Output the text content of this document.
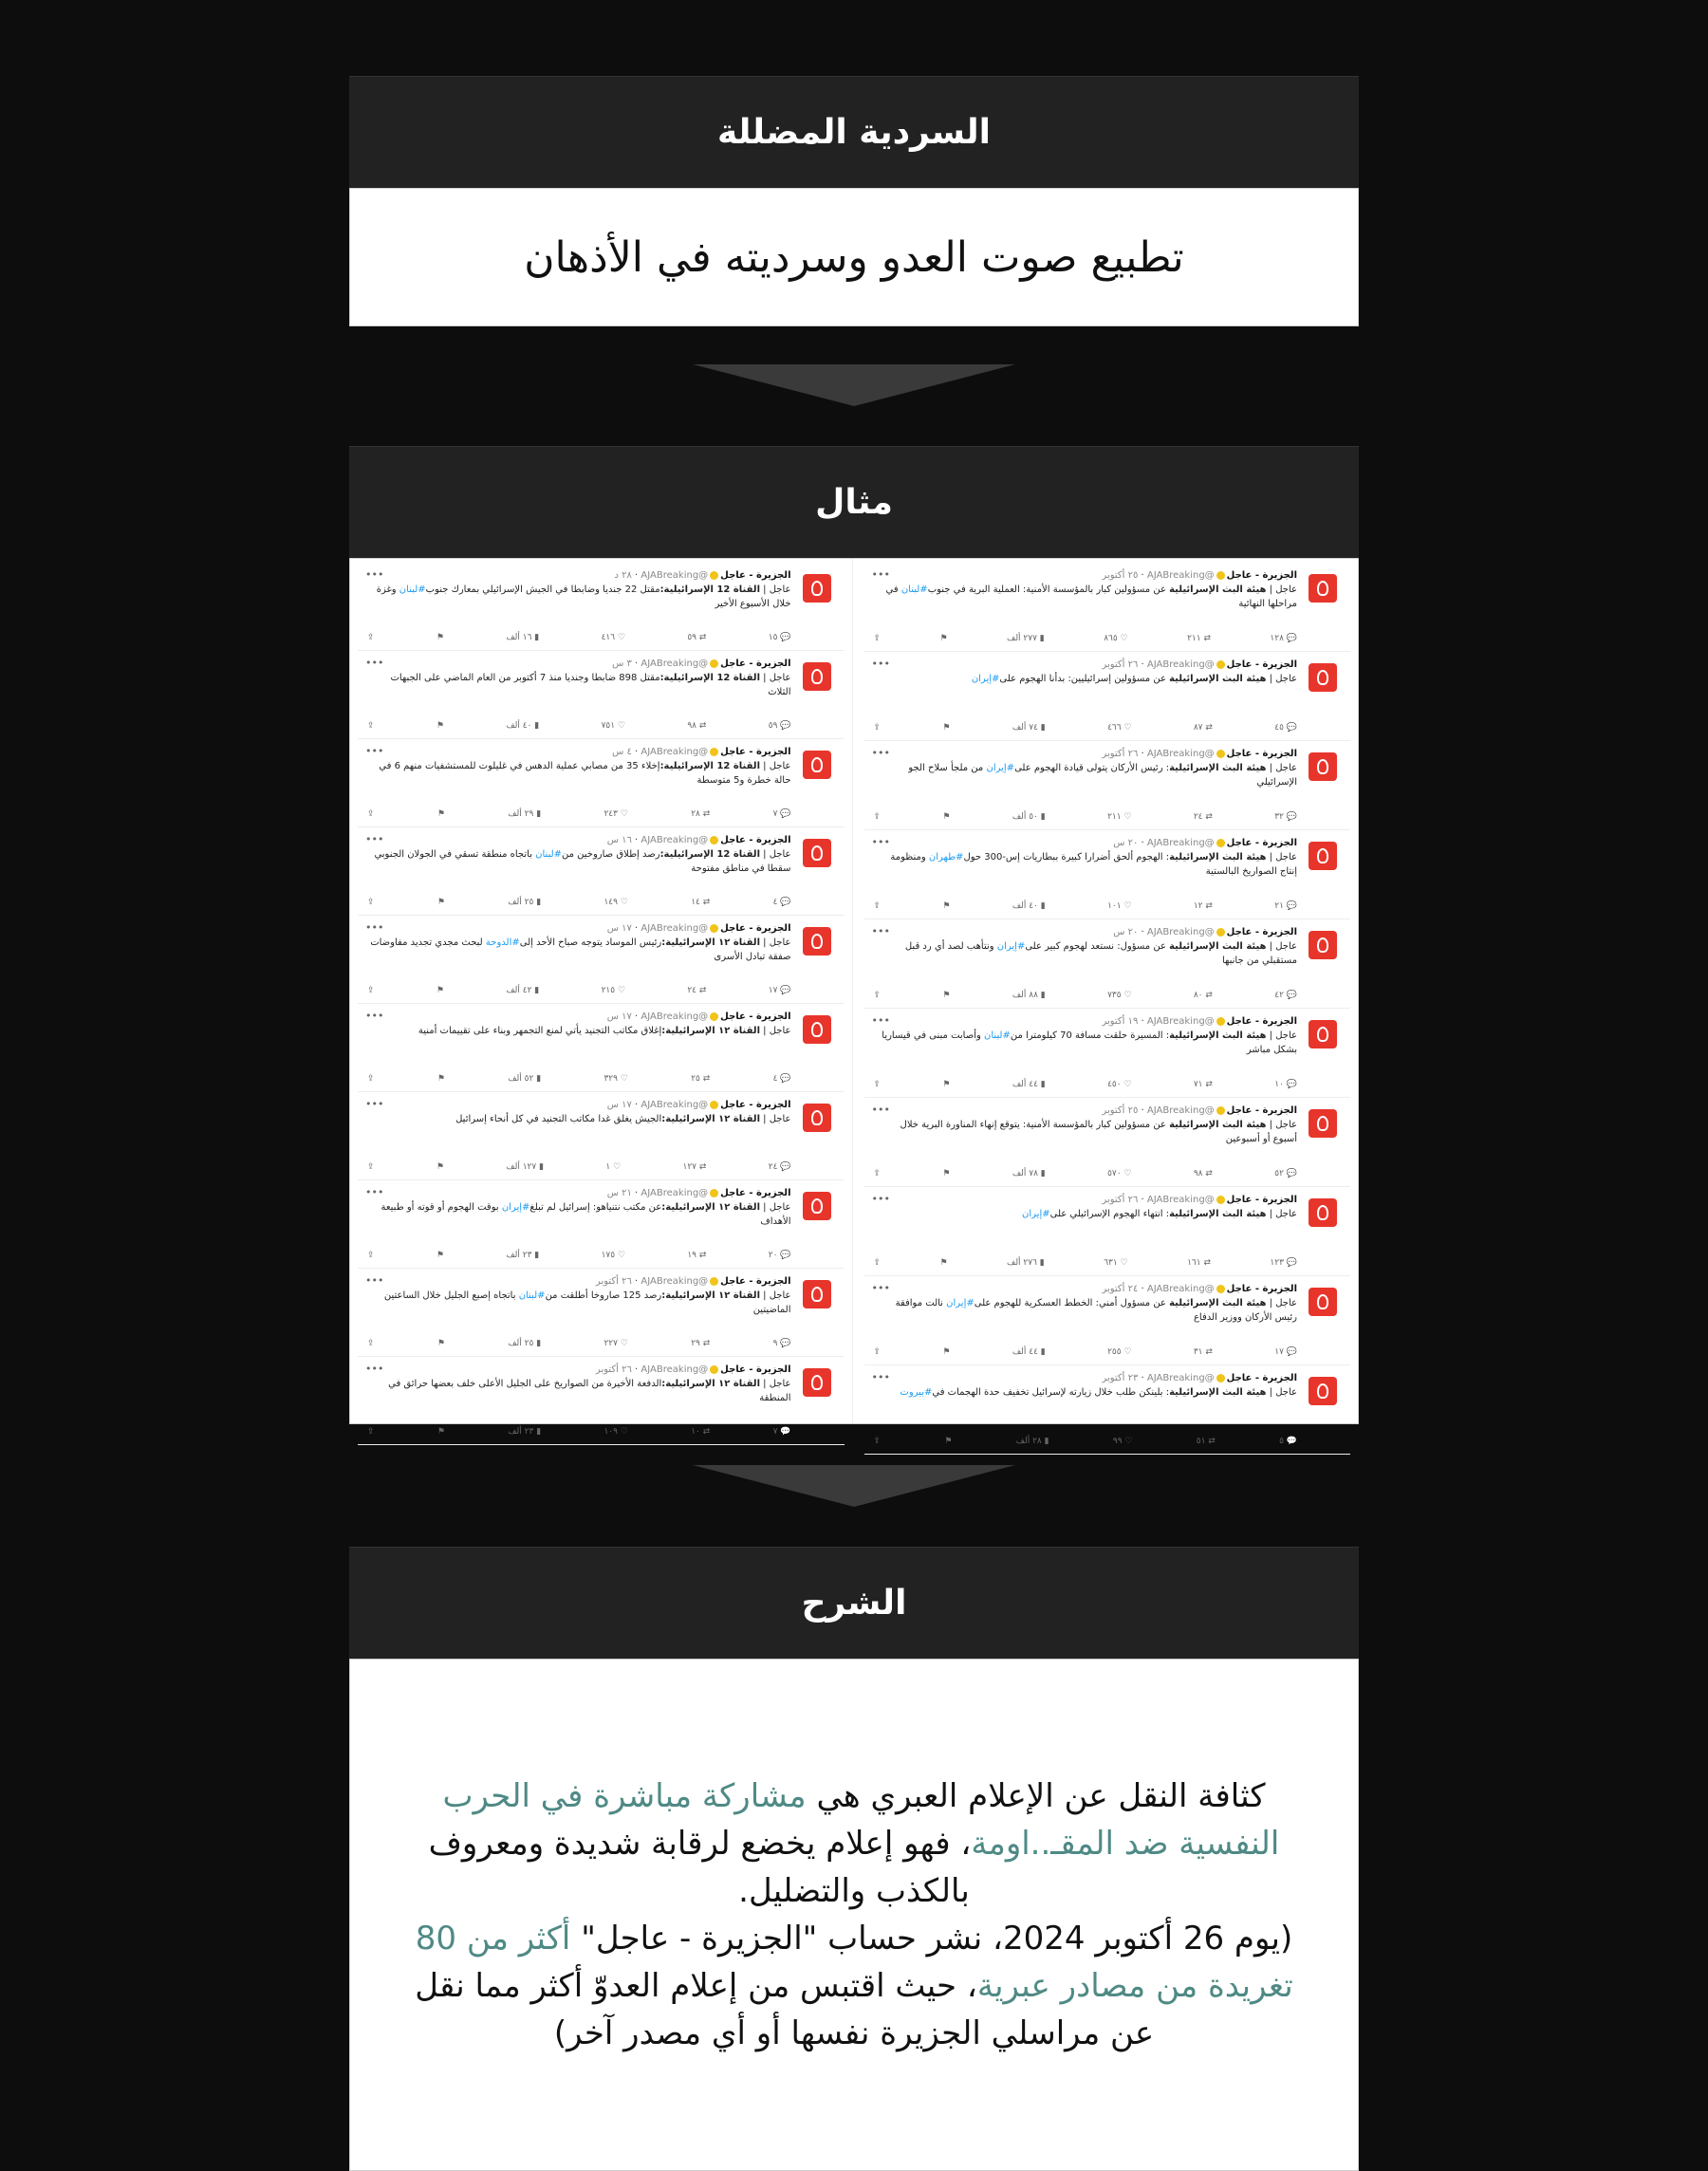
السردية المضللة
تطبيع صوت العدو وسرديته في الأذهان
مثال
•••	الجزيرة - عاجل@AJABreaking · ٢٨ د
عاجل | القناة 12 الإسرائيلية:مقتل 22 جنديا وضابطا في الجيش الإسرائيلي بمعارك جنوب#لبنان وغزة خلال الأسبوع الأخير
💬 ١٥
⇄ ٥٩
♡ ٤١٦
▮ ١٦ ألف
⚑
⇪
•••	الجزيرة - عاجل@AJABreaking · ٣ س
عاجل | القناة 12 الإسرائيلية:مقتل 898 ضابطا وجنديا منذ 7 أكتوبر من العام الماضي على الجبهات الثلاث
💬 ٥٩
⇄ ٩٨
♡ ٧٥١
▮ ٤٠ ألف
⚑
⇪
•••	الجزيرة - عاجل@AJABreaking · ٤ س
عاجل | القناة 12 الإسرائيلية:إخلاء 35 من مصابي عملية الدهس في غليلوت للمستشفيات منهم 6 في حالة خطرة و5 متوسطة
💬 ٧
⇄ ٢٨
♡ ٢٤٣
▮ ٢٩ ألف
⚑
⇪
•••	الجزيرة - عاجل@AJABreaking · ١٦ س
عاجل | القناة 12 الإسرائيلية:رصد إطلاق صاروخين من#لبنان باتجاه منطقة تسقي في الجولان الجنوبي سقطا في مناطق مفتوحة
💬 ٤
⇄ ١٤
♡ ١٤٩
▮ ٢٥ ألف
⚑
⇪
•••	الجزيرة - عاجل@AJABreaking · ١٧ س
عاجل | القناة ١٢ الإسرائيلية:رئيس الموساد يتوجه صباح الأحد إلى#الدوحة لبحث مجدي تجديد مفاوضات صفقة تبادل الأسرى
💬 ١٧
⇄ ٢٤
♡ ٢١٥
▮ ٤٢ ألف
⚑
⇪
•••	الجزيرة - عاجل@AJABreaking · ١٧ س
عاجل | القناة ١٢ الإسرائيلية:إغلاق مكاتب التجنيد يأتي لمنع التجمهر وبناء على تقييمات أمنية
💬 ٤
⇄ ٢٥
♡ ٣٢٩
▮ ٥٢ ألف
⚑
⇪
•••	الجزيرة - عاجل@AJABreaking · ١٧ س
عاجل | القناة ١٢ الإسرائيلية:الجيش يغلق غدا مكاتب التجنيد في كل أنحاء إسرائيل
💬 ٢٤
⇄ ١٢٧
♡ ١
▮ ١٢٧ ألف
⚑
⇪
•••	الجزيرة - عاجل@AJABreaking · ٢١ س
عاجل | القناة ١٢ الإسرائيلية:عن مكتب نتنياهو: إسرائيل لم تبلغ#إيران بوقت الهجوم أو قوته أو طبيعة الأهداف
💬 ٢٠
⇄ ١٩
♡ ١٧٥
▮ ٢٣ ألف
⚑
⇪
•••	الجزيرة - عاجل@AJABreaking · ٢٦ أكتوبر
عاجل | القناة ١٢ الإسرائيلية:رصد 125 صاروخا أطلقت من#لبنان باتجاه إصبع الجليل خلال الساعتين الماضيتين
💬 ٩
⇄ ٢٩
♡ ٢٢٧
▮ ٢٥ ألف
⚑
⇪
•••	الجزيرة - عاجل@AJABreaking · ٢٦ أكتوبر
عاجل | القناة ١٢ الإسرائيلية:الدفعة الأخيرة من الصواريخ على الجليل الأعلى خلف بعضها حرائق في المنطقة
💬 ٧
⇄ ١٠
♡ ١٠٩
▮ ٢٣ ألف
⚑
⇪
•••	الجزيرة - عاجل@AJABreaking · ٢٥ أكتوبر
عاجل | هيئة البث الإسرائيلية عن مسؤولين كبار بالمؤسسة الأمنية: العملية البرية في جنوب#لبنان في مراحلها النهائية
💬 ١٢٨
⇄ ٢١١
♡ ٨٦٥
▮ ٢٧٧ ألف
⚑
⇪
•••	الجزيرة - عاجل@AJABreaking · ٢٦ أكتوبر
عاجل | هيئة البث الإسرائيلية عن مسؤولين إسرائيليين: بدأنا الهجوم على#إيران
💬 ٤٥
⇄ ٨٧
♡ ٤٦٦
▮ ٧٤ ألف
⚑
⇪
•••	الجزيرة - عاجل@AJABreaking · ٢٦ أكتوبر
عاجل | هيئة البث الإسرائيلية: رئيس الأركان يتولى قيادة الهجوم على#إيران من ملجأ سلاح الجو الإسرائيلي
💬 ٣٢
⇄ ٢٤
♡ ٢١١
▮ ٥٠ ألف
⚑
⇪
•••	الجزيرة - عاجل@AJABreaking · ٢٠ س
عاجل | هيئة البث الإسرائيلية: الهجوم ألحق أضرارا كبيرة ببطاريات إس-300 حول#طهران ومنظومة إنتاج الصواريخ البالستية
💬 ٢١
⇄ ١٢
♡ ١٠١
▮ ٤٠ ألف
⚑
⇪
•••	الجزيرة - عاجل@AJABreaking · ٢٠ س
عاجل | هيئة البث الإسرائيلية عن مسؤول: نستعد لهجوم كبير على#إيران ونتأهب لصد أي رد قبل مستقبلي من جانبها
💬 ٤٢
⇄ ٨٠
♡ ٧٣٥
▮ ٨٨ ألف
⚑
⇪
•••	الجزيرة - عاجل@AJABreaking · ١٩ أكتوبر
عاجل | هيئة البث الإسرائيلية: المسيرة حلقت مسافة 70 كيلومترا من#لبنان وأصابت مبنى في قيساريا بشكل مباشر
💬 ١٠
⇄ ٧١
♡ ٤٥٠
▮ ٤٤ ألف
⚑
⇪
•••	الجزيرة - عاجل@AJABreaking · ٢٥ أكتوبر
عاجل | هيئة البث الإسرائيلية عن مسؤولين كبار بالمؤسسة الأمنية: يتوقع إنهاء المناورة البرية خلال أسبوع أو أسبوعين
💬 ٥٢
⇄ ٩٨
♡ ٥٧٠
▮ ٧٨ ألف
⚑
⇪
•••	الجزيرة - عاجل@AJABreaking · ٢٦ أكتوبر
عاجل | هيئة البث الإسرائيلية: انتهاء الهجوم الإسرائيلي على#إيران
💬 ١٢٣
⇄ ١٦١
♡ ٦٣١
▮ ٢٧٦ ألف
⚑
⇪
•••	الجزيرة - عاجل@AJABreaking · ٢٤ أكتوبر
عاجل | هيئة البث الإسرائيلية عن مسؤول أمني: الخطط العسكرية للهجوم على#إيران نالت موافقة رئيس الأركان ووزير الدفاع
💬 ١٧
⇄ ٣١
♡ ٢٥٥
▮ ٤٤ ألف
⚑
⇪
•••	الجزيرة - عاجل@AJABreaking · ٢٣ أكتوبر
عاجل | هيئة البث الإسرائيلية: بلينكن طلب خلال زيارته لإسرائيل تخفيف حدة الهجمات في#بيروت
💬 ٥
⇄ ٥١
♡ ٩٩
▮ ٢٨ ألف
⚑
⇪
الشرح
كثافة النقل عن الإعلام العبري هي مشاركة مباشرة في الحرب النفسية ضد المقـ..اومة، فهو إعلام يخضع لرقابة شديدة ومعروف بالكذب والتضليل.
(يوم 26 أكتوبر 2024، نشر حساب "الجزيرة - عاجل" أكثر من 80 تغريدة من مصادر عبرية، حيث اقتبس من إعلام العدوّ أكثر مما نقل عن مراسلي الجزيرة نفسها أو أي مصدر آخر)
